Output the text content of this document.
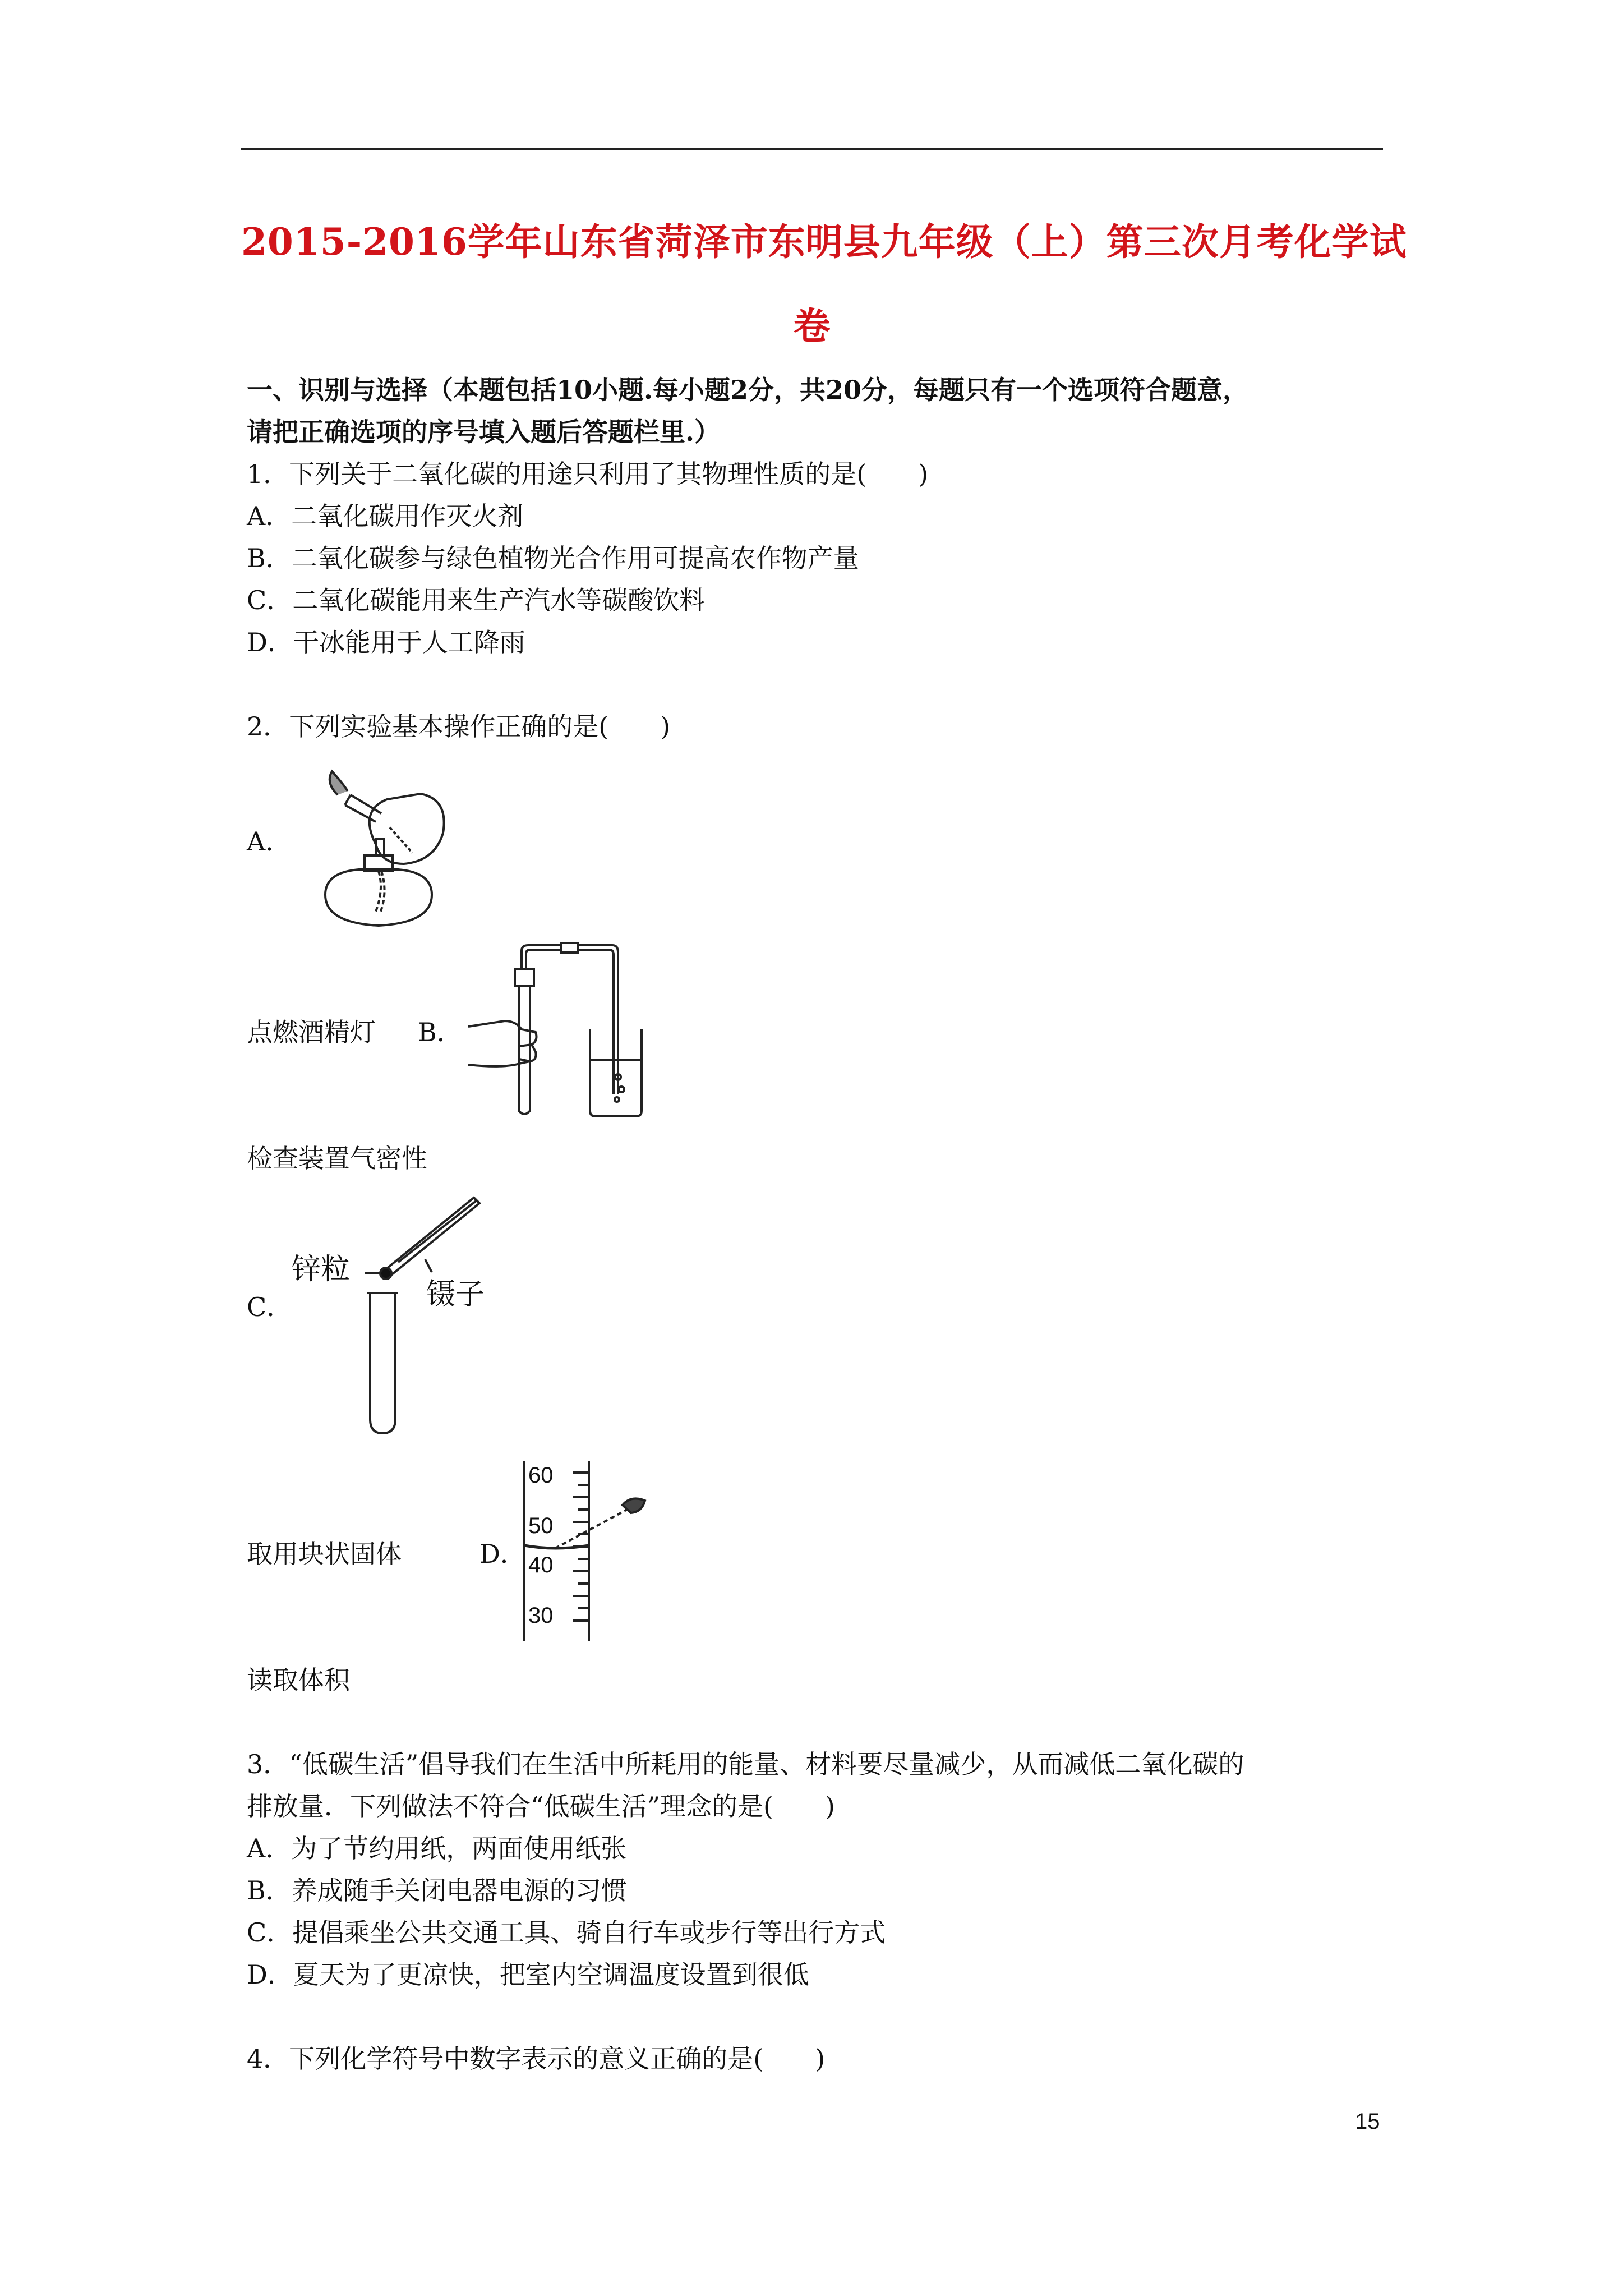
2015-2016学年山东省菏泽市东明县九年级（上）第三次月考化学试
卷
一、识别与选择（本题包括10小题.每小题2分，共20分，每题只有一个选项符合题意，
请把正确选项的序号填入题后答题栏里.）
1．下列关于二氧化碳的用途只利用了其物理性质的是(　　)
A．二氧化碳用作灭火剂
B．二氧化碳参与绿色植物光合作用可提高农作物产量
C．二氧化碳能用来生产汽水等碳酸饮料
D．干冰能用于人工降雨
2．下列实验基本操作正确的是(　　)
A．
点燃酒精灯 B．
检查装置气密性
C．
锌粒
镊子
取用块状固体	D．
60
50
40
30
读取体积
3．“低碳生活”倡导我们在生活中所耗用的能量、材料要尽量减少，从而减低二氧化碳的
排放量．下列做法不符合“低碳生活”理念的是(　　)
A．为了节约用纸，两面使用纸张
B．养成随手关闭电器电源的习惯
C．提倡乘坐公共交通工具、骑自行车或步行等出行方式
D．夏天为了更凉快，把室内空调温度设置到很低
4．下列化学符号中数字表示的意义正确的是(　　)
15
